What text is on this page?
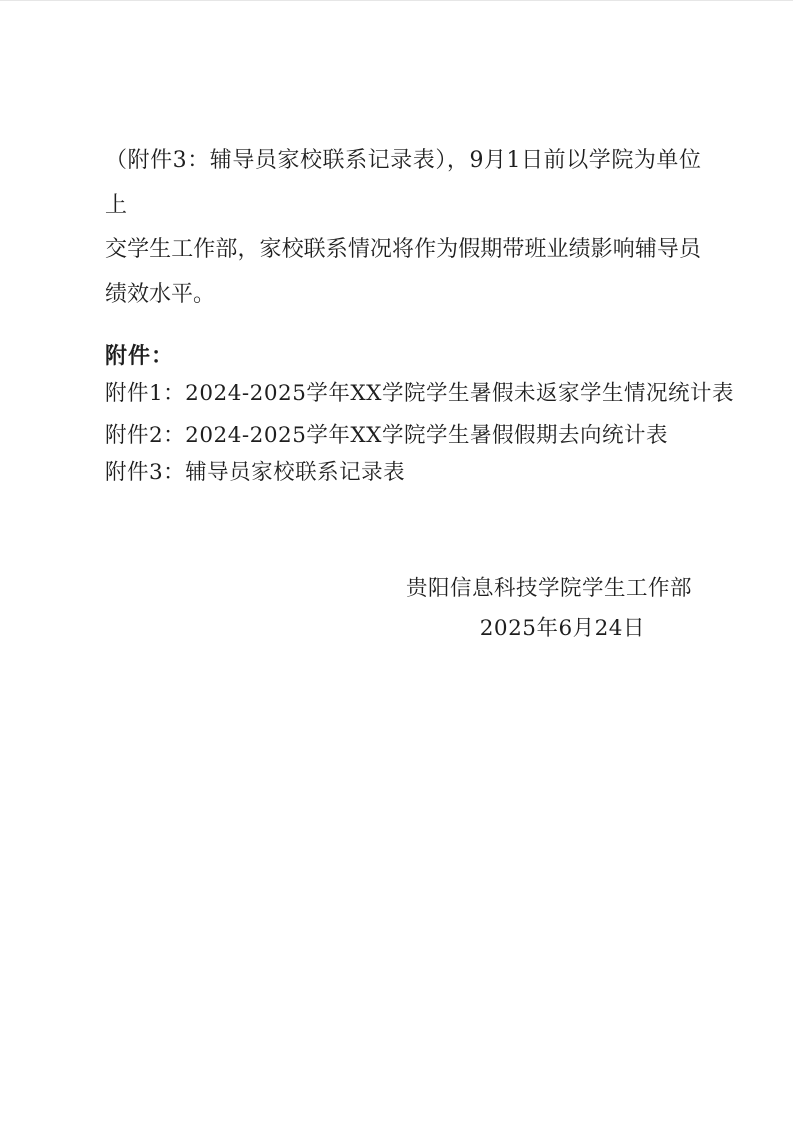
（附件3：辅导员家校联系记录表），9月1日前以学院为单位上
交学生工作部，家校联系情况将作为假期带班业绩影响辅导员
绩效水平。
附件：
附件1：2024-2025学年XX学院学生暑假未返家学生情况统计表
附件2：2024-2025学年XX学院学生暑假假期去向统计表
附件3：辅导员家校联系记录表
贵阳信息科技学院学生工作部
2025年6月24日
